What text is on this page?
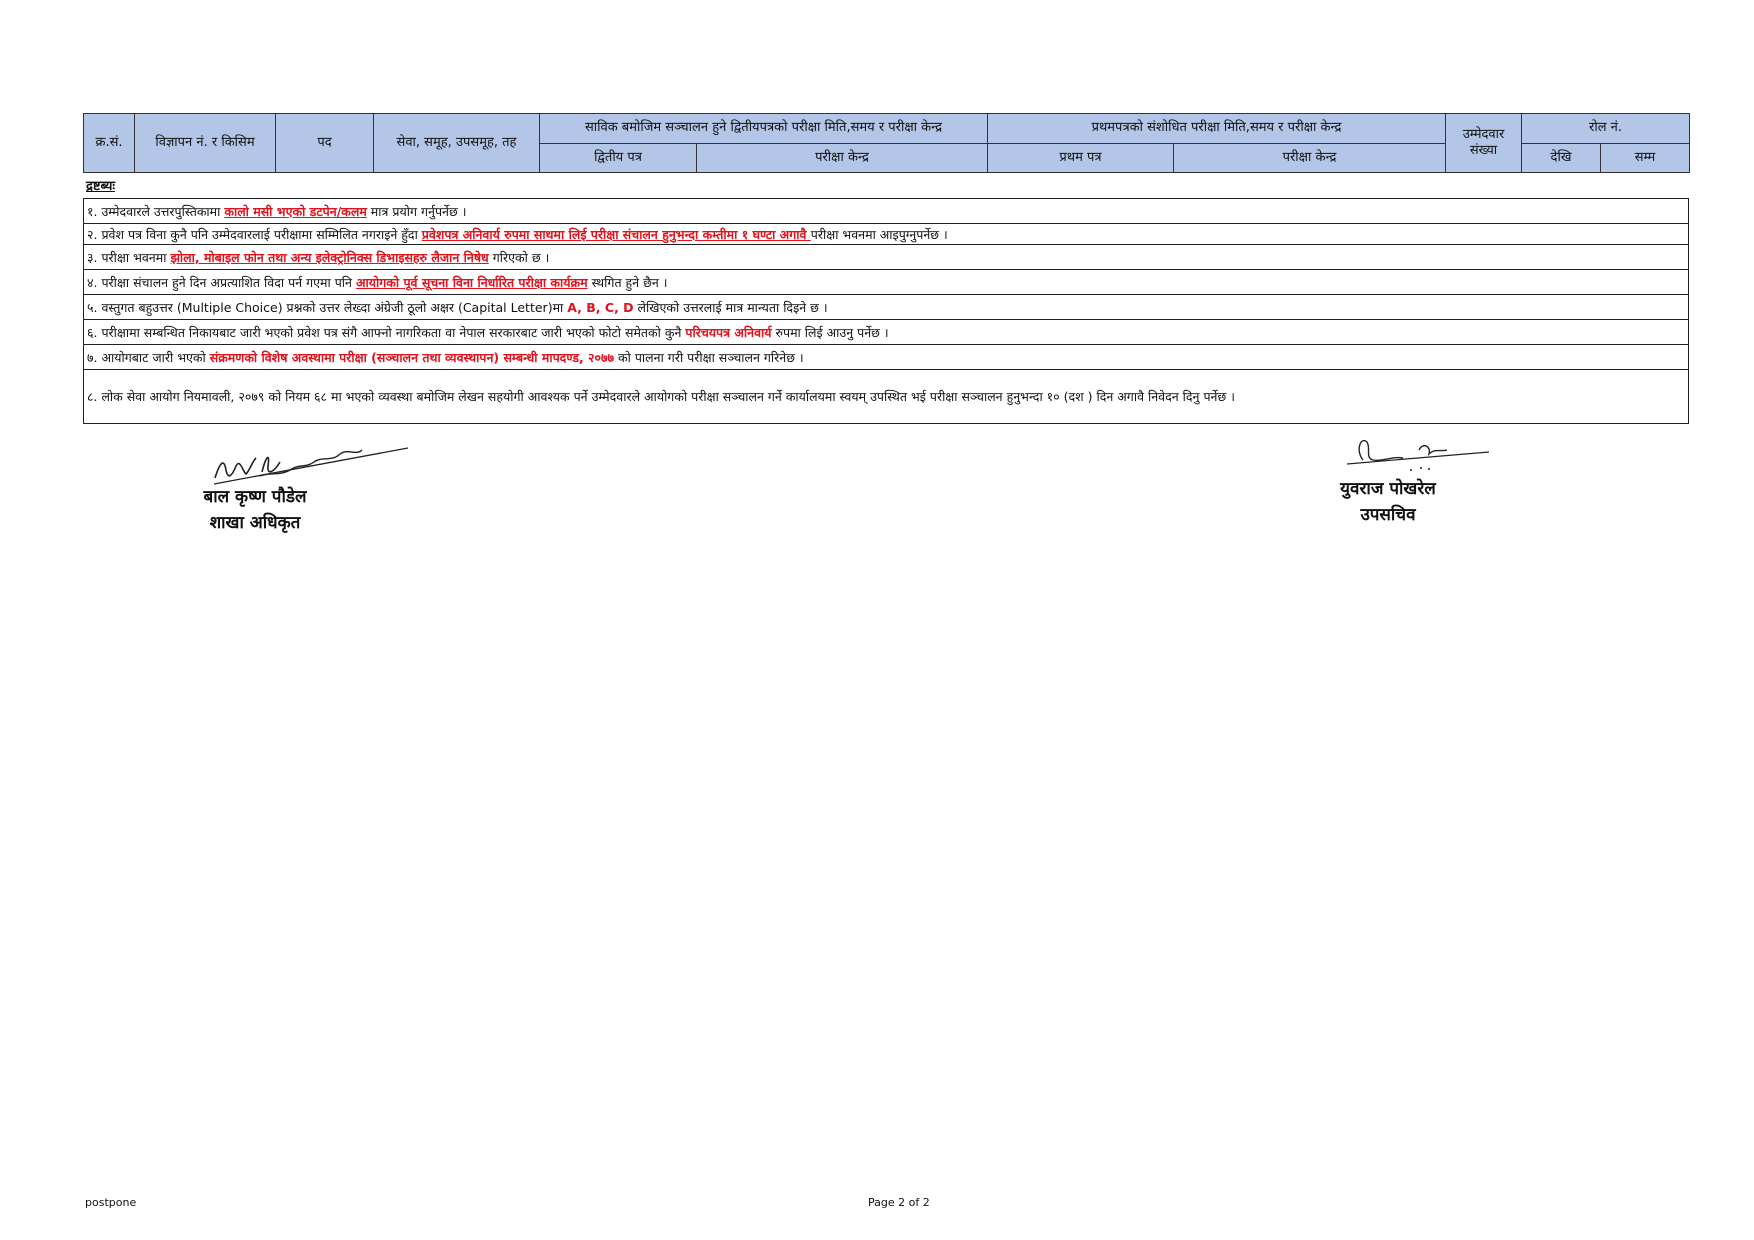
क्र.सं.	विज्ञापन नं. र किसिम	पद	सेवा, समूह, उपसमूह, तह	साविक बमोजिम सञ्चालन हुने द्वितीयपत्रको परीक्षा मिति,समय र परीक्षा केन्द्र		प्रथमपत्रको संशोधित परीक्षा मिति,समय र परीक्षा केन्द्र		उम्मेदवार संख्या	रोल नं.	
				द्वितीय पत्र	परीक्षा केन्द्र	प्रथम पत्र	परीक्षा केन्द्र		देखि	सम्म
द्रष्टब्यः
१. उम्मेदवारले उत्तरपुस्तिकामा कालो मसी भएको डटपेन/कलम मात्र प्रयोग गर्नुपर्नेछ ।
२. प्रवेश पत्र विना कुनै पनि उम्मेदवारलाई परीक्षामा सम्मिलित नगराइने हुँदा प्रवेशपत्र अनिवार्य रुपमा साथमा लिई परीक्षा संचालन हुनुभन्दा कम्तीमा १ घण्टा अगावै परीक्षा भवनमा आइपुग्नुपर्नेछ ।
३. परीक्षा भवनमा झोला, मोबाइल फोन तथा अन्य इलेक्ट्रोनिक्स डिभाइसहरु लैजान निषेध गरिएको छ ।
४. परीक्षा संचालन हुने दिन अप्रत्याशित विदा पर्न गएमा पनि आयोगको पूर्व सूचना विना निर्धारित परीक्षा कार्यक्रम स्थगित हुने छैन ।
५. वस्तुगत बहुउत्तर (Multiple Choice) प्रश्नको उत्तर लेख्दा अंग्रेजी ठूलो अक्षर (Capital Letter)मा A, B, C, D लेखिएको उत्तरलाई मात्र मान्यता दिइने छ ।
६. परीक्षामा सम्बन्धित निकायबाट जारी भएको प्रवेश पत्र संगै आफ्नो नागरिकता वा नेपाल सरकारबाट जारी भएको फोटो समेतको कुनै परिचयपत्र अनिवार्य रुपमा लिई आउनु पर्नेछ ।
७. आयोगबाट जारी भएको संक्रमणको विशेष अवस्थामा परीक्षा (सञ्चालन तथा व्यवस्थापन) सम्बन्धी मापदण्ड, २०७७ को पालना गरी परीक्षा सञ्चालन गरिनेछ ।
८. लोक सेवा आयोग नियमावली, २०७९ को नियम ६८ मा भएको व्यवस्था बमोजिम लेखन सहयोगी आवश्यक पर्ने उम्मेदवारले आयोगको परीक्षा सञ्चालन गर्ने कार्यालयमा स्वयम् उपस्थित भई परीक्षा सञ्चालन हुनुभन्दा १० (दश ) दिन अगावै निवेदन दिनु पर्नेछ ।
बाल कृष्ण पौडेल
शाखा अधिकृत
युवराज पोखरेल
उपसचिव
postpone	Page 2 of 2
